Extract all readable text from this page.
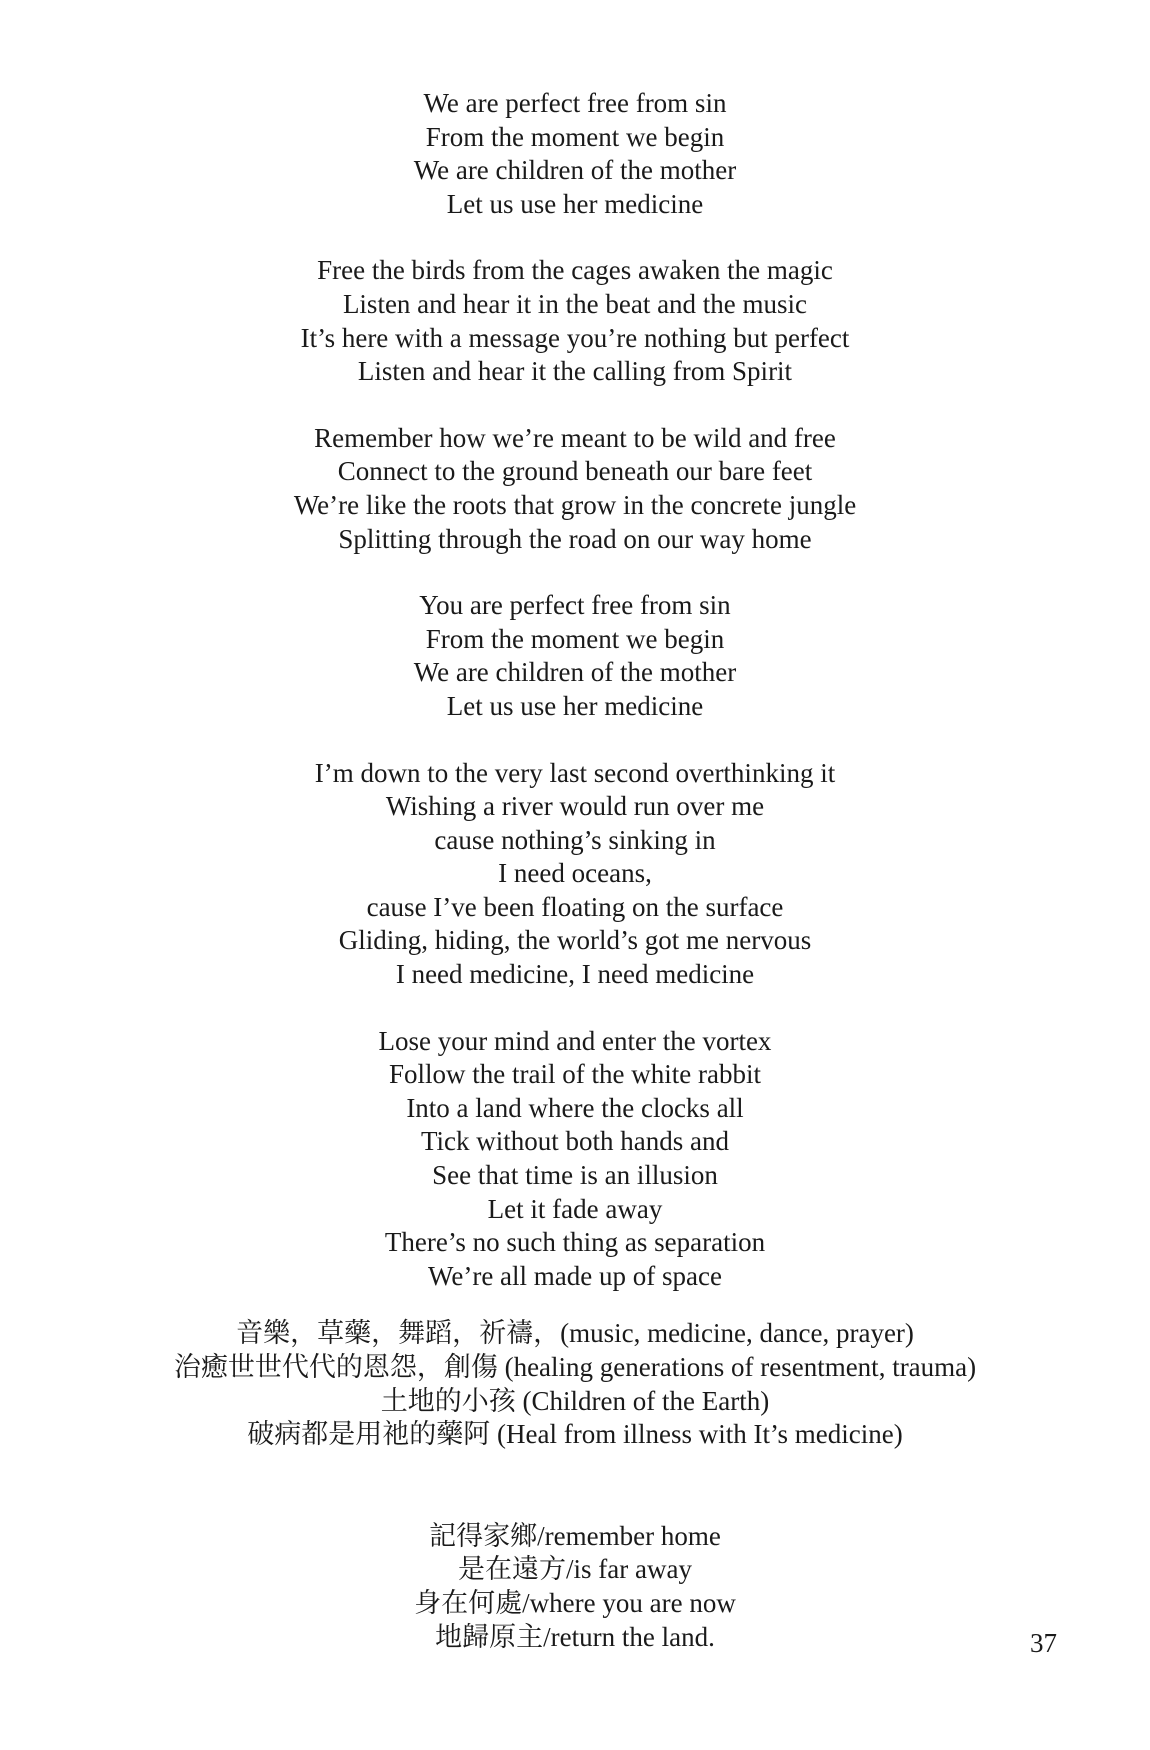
We are perfect free from sin
From the moment we begin
We are children of the mother
Let us use her medicine
Free the birds from the cages awaken the magic
Listen and hear it in the beat and the music
It’s here with a message you’re nothing but perfect
Listen and hear it the calling from Spirit
Remember how we’re meant to be wild and free
Connect to the ground beneath our bare feet
We’re like the roots that grow in the concrete jungle
Splitting through the road on our way home
You are perfect free from sin
From the moment we begin
We are children of the mother
Let us use her medicine
I’m down to the very last second overthinking it
Wishing a river would run over me
cause nothing’s sinking in
I need oceans,
cause I’ve been floating on the surface
Gliding, hiding, the world’s got me nervous
I need medicine, I need medicine
Lose your mind and enter the vortex
Follow the trail of the white rabbit
Into a land where the clocks all
Tick without both hands and
See that time is an illusion
Let it fade away
There’s no such thing as separation
We’re all made up of space
音樂，草藥，舞蹈，祈禱，(music, medicine, dance, prayer)
治癒世世代代的恩怨，創傷 (healing generations of resentment, trauma)
土地的小孩 (Children of the Earth)
破病都是用祂的藥阿 (Heal from illness with It’s medicine)
記得家鄉/remember home
是在遠方/is far away
身在何處/where you are now
地歸原主/return the land.	37
